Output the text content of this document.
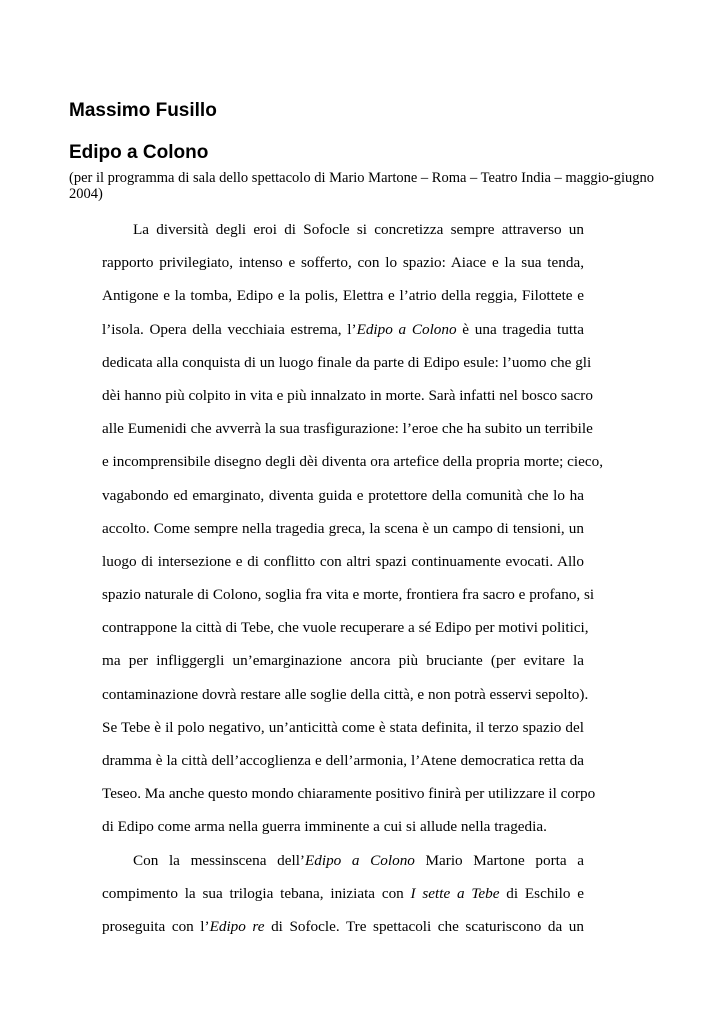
Massimo Fusillo
Edipo a Colono
(per il programma di sala dello spettacolo di Mario Martone – Roma – Teatro India – maggio-giugno 2004)
La diversità degli eroi di Sofocle si concretizza sempre attraverso un
rapporto privilegiato, intenso e sofferto, con lo spazio: Aiace e la sua tenda,
Antigone e la tomba, Edipo e la polis, Elettra e l’atrio della reggia, Filottete e
l’isola. Opera della vecchiaia estrema, l’Edipo a Colono è una tragedia tutta
dedicata alla conquista di un luogo finale da parte di Edipo esule: l’uomo che gli
dèi hanno più colpito in vita e più innalzato in morte. Sarà infatti nel bosco sacro
alle Eumenidi che avverrà la sua trasfigurazione: l’eroe che ha subito un terribile
e incomprensibile disegno degli dèi diventa ora artefice della propria morte; cieco,
vagabondo ed emarginato, diventa guida e protettore della comunità che lo ha
accolto. Come sempre nella tragedia greca, la scena è un campo di tensioni, un
luogo di intersezione e di conflitto con altri spazi continuamente evocati. Allo
spazio naturale di Colono, soglia fra vita e morte, frontiera fra sacro e profano, si
contrappone la città di Tebe, che vuole recuperare a sé Edipo per motivi politici,
ma per infliggergli un’emarginazione ancora più bruciante (per evitare la
contaminazione dovrà restare alle soglie della città, e non potrà esservi sepolto).
Se Tebe è il polo negativo, un’anticittà come è stata definita, il terzo spazio del
dramma è la città dell’accoglienza e dell’armonia, l’Atene democratica retta da
Teseo. Ma anche questo mondo chiaramente positivo finirà per utilizzare il corpo
di Edipo come arma nella guerra imminente a cui si allude nella tragedia.
Con la messinscena dell’Edipo a Colono Mario Martone porta a
compimento la sua trilogia tebana, iniziata con I sette a Tebe di Eschilo e
proseguita con l’Edipo re di Sofocle. Tre spettacoli che scaturiscono da un
